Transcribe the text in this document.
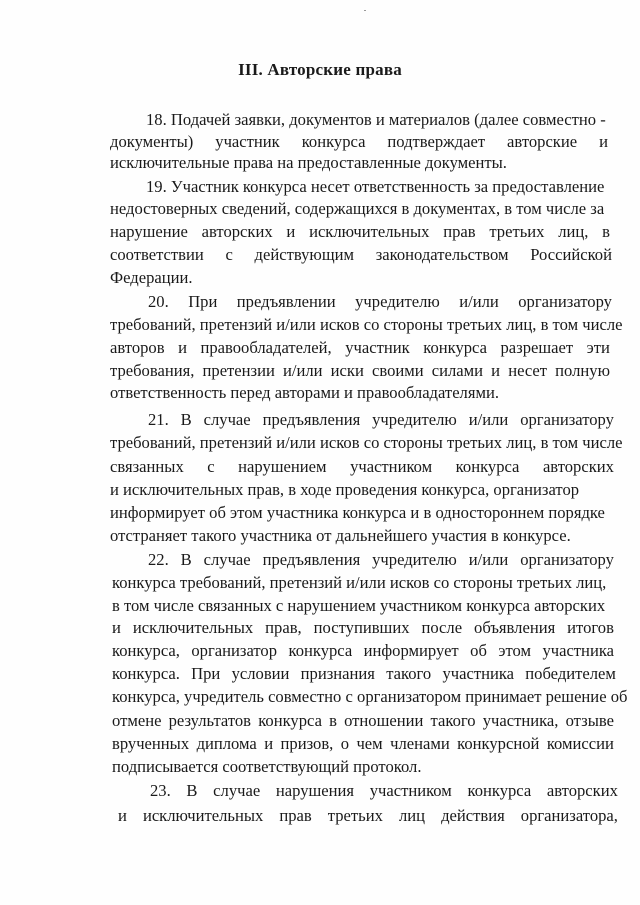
III. Авторские права
18. Подачей заявки, документов и материалов (далее совместно -
документы) участник конкурса подтверждает авторские и
исключительные права на предоставленные документы.
19. Участник конкурса несет ответственность за предоставление
недостоверных сведений, содержащихся в документах, в том числе за
нарушение авторских и исключительных прав третьих лиц, в
соответствии с действующим законодательством Российской
Федерации.
20. При предъявлении учредителю и/или организатору
требований, претензий и/или исков со стороны третьих лиц, в том числе
авторов и правообладателей, участник конкурса разрешает эти
требования, претензии и/или иски своими силами и несет полную
ответственность перед авторами и правообладателями.
21. В случае предъявления учредителю и/или организатору
требований, претензий и/или исков со стороны третьих лиц, в том числе
связанных с нарушением участником конкурса авторских
и исключительных прав, в ходе проведения конкурса, организатор
информирует об этом участника конкурса и в одностороннем порядке
отстраняет такого участника от дальнейшего участия в конкурсе.
22. В случае предъявления учредителю и/или организатору
конкурса требований, претензий и/или исков со стороны третьих лиц,
в том числе связанных с нарушением участником конкурса авторских
и исключительных прав, поступивших после объявления итогов
конкурса, организатор конкурса информирует об этом участника
конкурса. При условии признания такого участника победителем
конкурса, учредитель совместно с организатором принимает решение об
отмене результатов конкурса в отношении такого участника, отзыве
врученных диплома и призов, о чем членами конкурсной комиссии
подписывается соответствующий протокол.
23. В случае нарушения участником конкурса авторских
и исключительных прав третьих лиц действия организатора,
